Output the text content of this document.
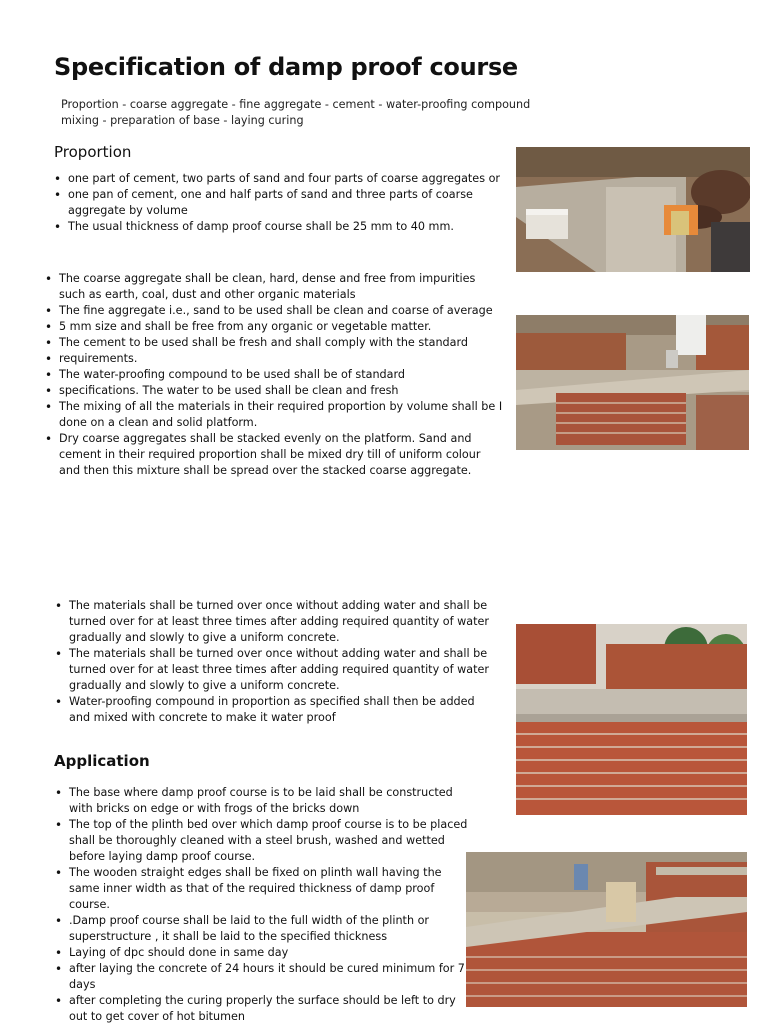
Specification of damp proof course
Proportion - coarse aggregate - fine aggregate - cement - water-proofing compound mixing - preparation of base - laying curing
Proportion
• one part of cement, two parts of sand and four parts of coarse aggregates or
• one pan of cement, one and half parts of sand and three parts of coarse aggregate by volume
• The usual thickness of damp proof course shall be 25 mm to 40 mm.
• The coarse aggregate shall be clean, hard, dense and free from impurities such as earth, coal, dust and other organic materials
• The fine aggregate i.e., sand to be used shall be clean and coarse of average
• 5 mm size and shall be free from any organic or vegetable matter.
• The cement to be used shall be fresh and shall comply with the standard
• requirements.
• The water-proofing compound to be used shall be of standard
• specifications. The water to be used shall be clean and fresh
• The mixing of all the materials in their required proportion by volume shall be I done on a clean and solid platform.
• Dry coarse aggregates shall be stacked evenly on the platform. Sand and cement in their required proportion shall be mixed dry till of uniform colour and then this mixture shall be spread over the stacked coarse aggregate.
• The materials shall be turned over once without adding water and shall be turned over for at least three times after adding required quantity of water gradually and slowly to give a uniform concrete.
• The materials shall be turned over once without adding water and shall be turned over for at least three times after adding required quantity of water gradually and slowly to give a uniform concrete.
• Water-proofing compound in proportion as specified shall then be added and mixed with concrete to make it water proof
Application
• The base where damp proof course is to be laid shall be constructed with bricks on edge or with frogs of the bricks down
• The top of the plinth bed over which damp proof course is to be placed shall be thoroughly cleaned with a steel brush, washed and wetted before laying damp proof course.
• The wooden straight edges shall be fixed on plinth wall having the same inner width as that of the required thickness of damp proof course.
• .Damp proof course shall be laid to the full width of the plinth or superstructure , it shall be laid to the specified thickness
• Laying of dpc should done in same day
• after laying the concrete of 24 hours it should be cured minimum for 7 days
• after completing the curing properly the surface should be left to dry out to get cover of hot bitumen
